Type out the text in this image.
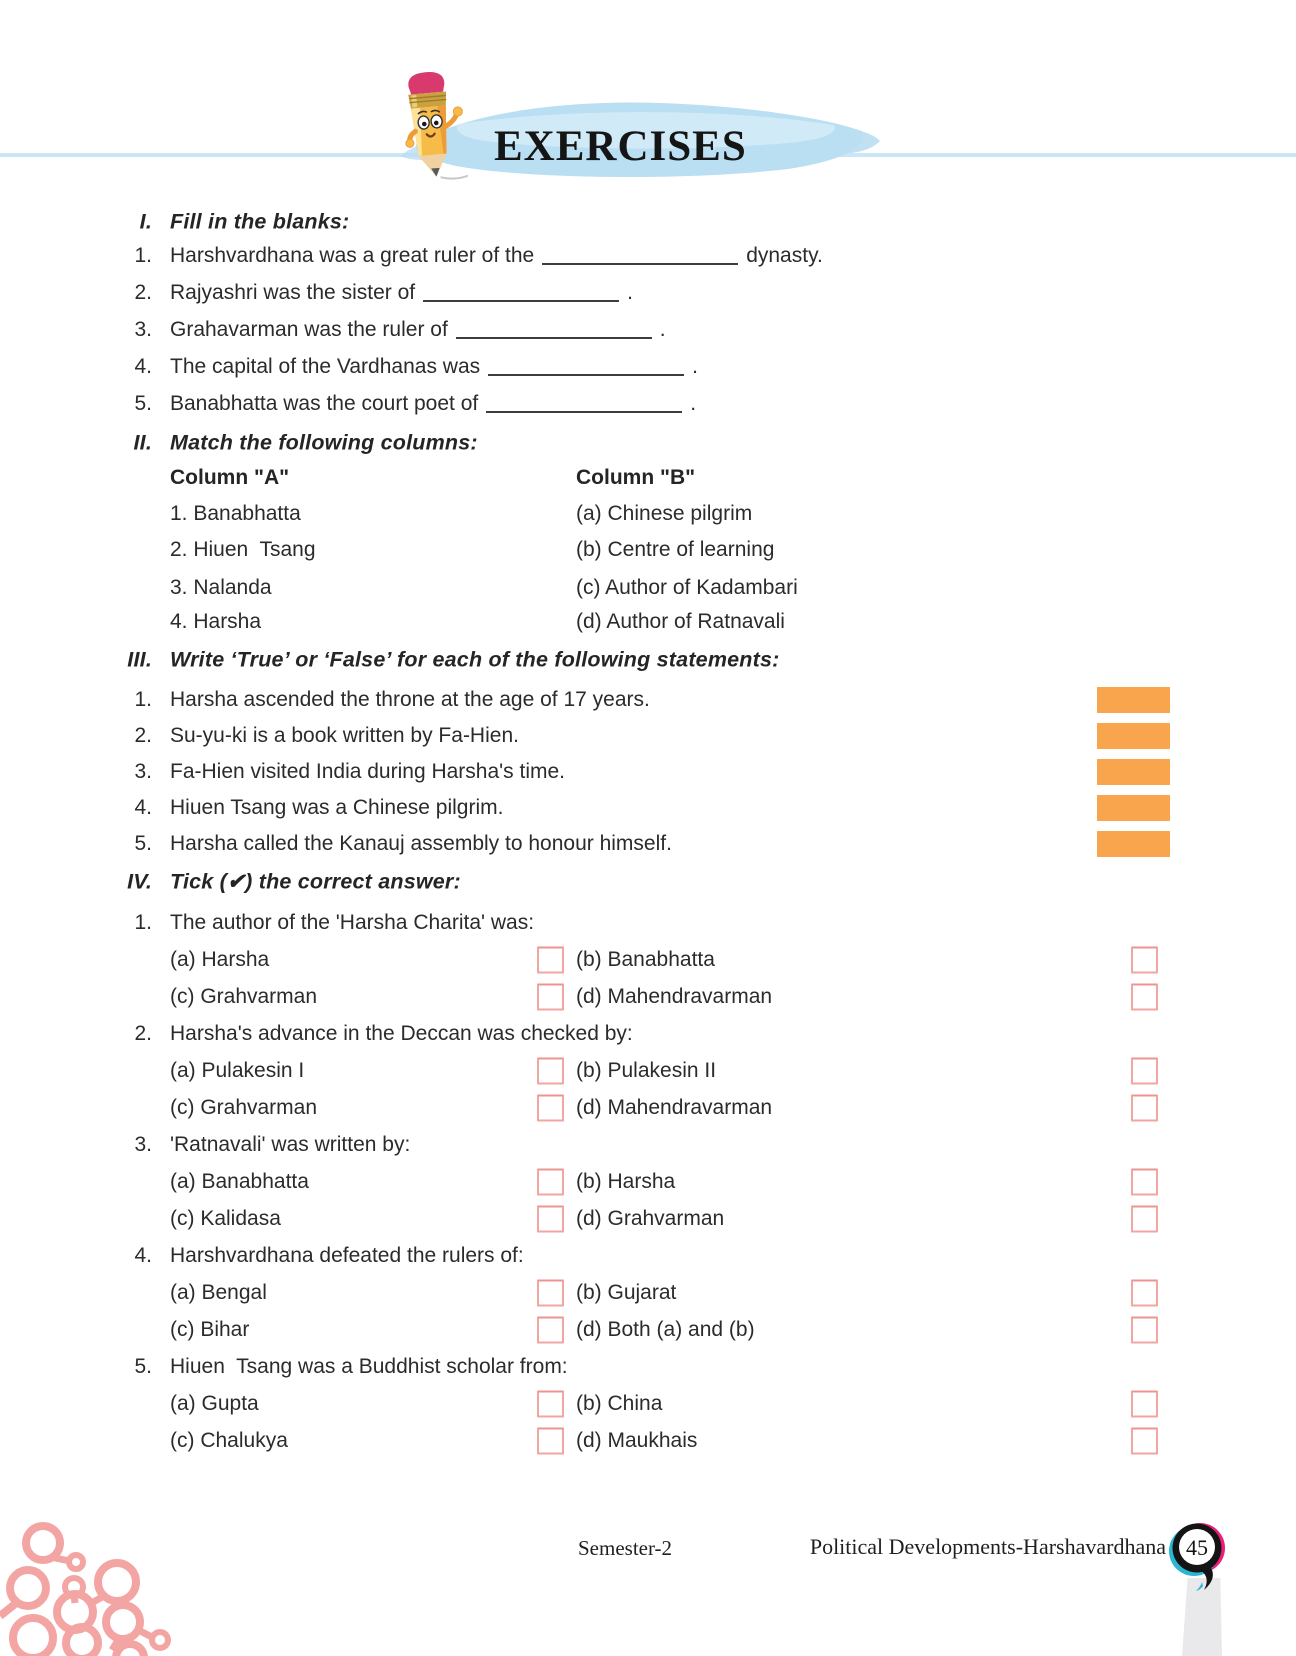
EXERCISES
I. Fill in the blanks:
1. Harshvardhana was a great ruler of the	dynasty.
2. Rajyashri was the sister of	.
3. Grahavarman was the ruler of	.
4. The capital of the Vardhanas was	.
5. Banabhatta was the court poet of	.
II. Match the following columns:
Column "A"	Column "B"
1. Banabhatta	(a) Chinese pilgrim
2. Hiuen  Tsang	(b) Centre of learning
3. Nalanda	(c) Author of Kadambari
4. Harsha	(d) Author of Ratnavali
III. Write ‘True’ or ‘False’ for each of the following statements:
1. Harsha ascended the throne at the age of 17 years.
2. Su-yu-ki is a book written by Fa-Hien.
3. Fa-Hien visited India during Harsha's time.
4. Hiuen Tsang was a Chinese pilgrim.
5. Harsha called the Kanauj assembly to honour himself.
IV. Tick (✔) the correct answer:
1. The author of the 'Harsha Charita' was:
(a) Harsha	(b) Banabhatta
(c) Grahvarman	(d) Mahendravarman
2. Harsha's advance in the Deccan was checked by:
(a) Pulakesin I	(b) Pulakesin II
(c) Grahvarman	(d) Mahendravarman
3. 'Ratnavali' was written by:
(a) Banabhatta	(b) Harsha
(c) Kalidasa	(d) Grahvarman
4. Harshvardhana defeated the rulers of:
(a) Bengal	(b) Gujarat
(c) Bihar	(d) Both (a) and (b)
5. Hiuen  Tsang was a Buddhist scholar from:
(a) Gupta	(b) China
(c) Chalukya	(d) Maukhais
Semester-2	Political Developments-Harshavardhana 45
